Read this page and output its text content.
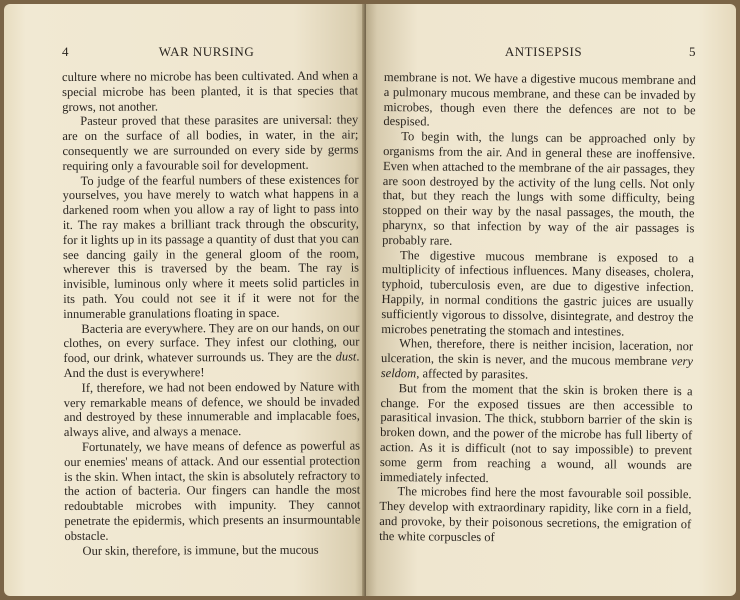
4	WAR NURSING

culture where no microbe has been cultivated. And when a special microbe has been planted, it is that species that grows, not another.

Pasteur proved that these parasites are universal: they are on the surface of all bodies, in water, in the air; consequently we are surrounded on every side by germs requiring only a favourable soil for development.

To judge of the fearful numbers of these existences for yourselves, you have merely to watch what happens in a darkened room when you allow a ray of light to pass into it. The ray makes a brilliant track through the obscurity, for it lights up in its passage a quantity of dust that you can see dancing gaily in the general gloom of the room, wherever this is traversed by the beam. The ray is invisible, luminous only where it meets solid particles in its path. You could not see it if it were not for the innumerable granulations floating in space.

Bacteria are everywhere. They are on our hands, on our clothes, on every surface. They infest our clothing, our food, our drink, whatever surrounds us. They are the dust. And the dust is everywhere!

If, therefore, we had not been endowed by Nature with very remarkable means of defence, we should be invaded and destroyed by these innumerable and implacable foes, always alive, and always a menace.

Fortunately, we have means of defence as powerful as our enemies' means of attack. And our essential protection is the skin. When intact, the skin is absolutely refractory to the action of bacteria. Our fingers can handle the most redoubtable microbes with impunity. They cannot penetrate the epidermis, which presents an insurmountable obstacle.

Our skin, therefore, is immune, but the mucous

ANTISEPSIS	5

membrane is not. We have a digestive mucous membrane and a pulmonary mucous membrane, and these can be invaded by microbes, though even there the defences are not to be despised.

To begin with, the lungs can be approached only by organisms from the air. And in general these are inoffensive. Even when attached to the membrane of the air passages, they are soon destroyed by the activity of the lung cells. Not only that, but they reach the lungs with some difficulty, being stopped on their way by the nasal passages, the mouth, the pharynx, so that infection by way of the air passages is probably rare.

The digestive mucous membrane is exposed to a multiplicity of infectious influences. Many diseases, cholera, typhoid, tuberculosis even, are due to digestive infection. Happily, in normal conditions the gastric juices are usually sufficiently vigorous to dissolve, disintegrate, and destroy the microbes penetrating the stomach and intestines.

When, therefore, there is neither incision, laceration, nor ulceration, the skin is never, and the mucous membrane very seldom, affected by parasites.

But from the moment that the skin is broken there is a change. For the exposed tissues are then accessible to parasitical invasion. The thick, stubborn barrier of the skin is broken down, and the power of the microbe has full liberty of action. As it is difficult (not to say impossible) to prevent some germ from reaching a wound, all wounds are immediately infected.

The microbes find here the most favourable soil possible. They develop with extraordinary rapidity, like corn in a field, and provoke, by their poisonous secretions, the emigration of the white corpuscles of
